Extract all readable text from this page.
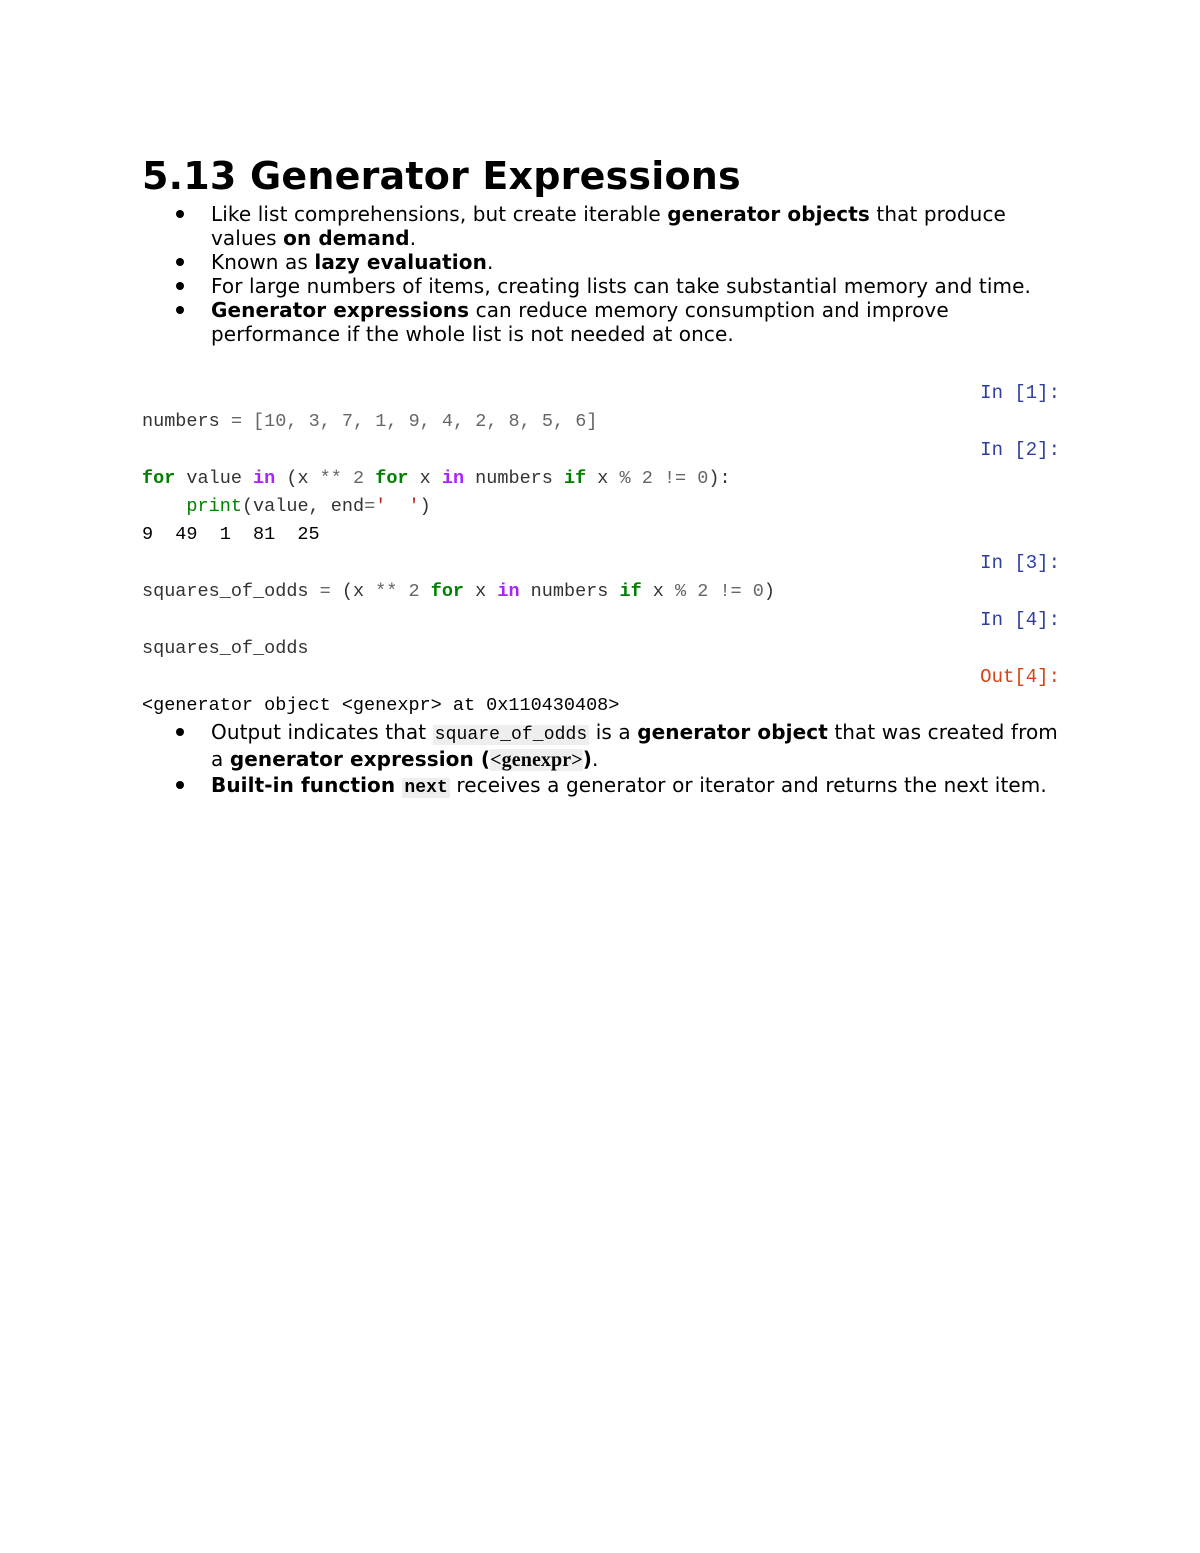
5.13 Generator Expressions
Like list comprehensions, but create iterable generator objects that produce values on demand.
Known as lazy evaluation.
For large numbers of items, creating lists can take substantial memory and time.
Generator expressions can reduce memory consumption and improve performance if the whole list is not needed at once.
In [1]:
numbers = [10, 3, 7, 1, 9, 4, 2, 8, 5, 6]
In [2]:
for value in (x ** 2 for x in numbers if x % 2 != 0):
print(value, end='  ')
9  49  1  81  25
In [3]:
squares_of_odds = (x ** 2 for x in numbers if x % 2 != 0)
In [4]:
squares_of_odds
Out[4]:
<generator object <genexpr> at 0x110430408>
Output indicates that square_of_odds is a generator object that was created from a generator expression (<genexpr>).
Built-in function next receives a generator or iterator and returns the next item.
